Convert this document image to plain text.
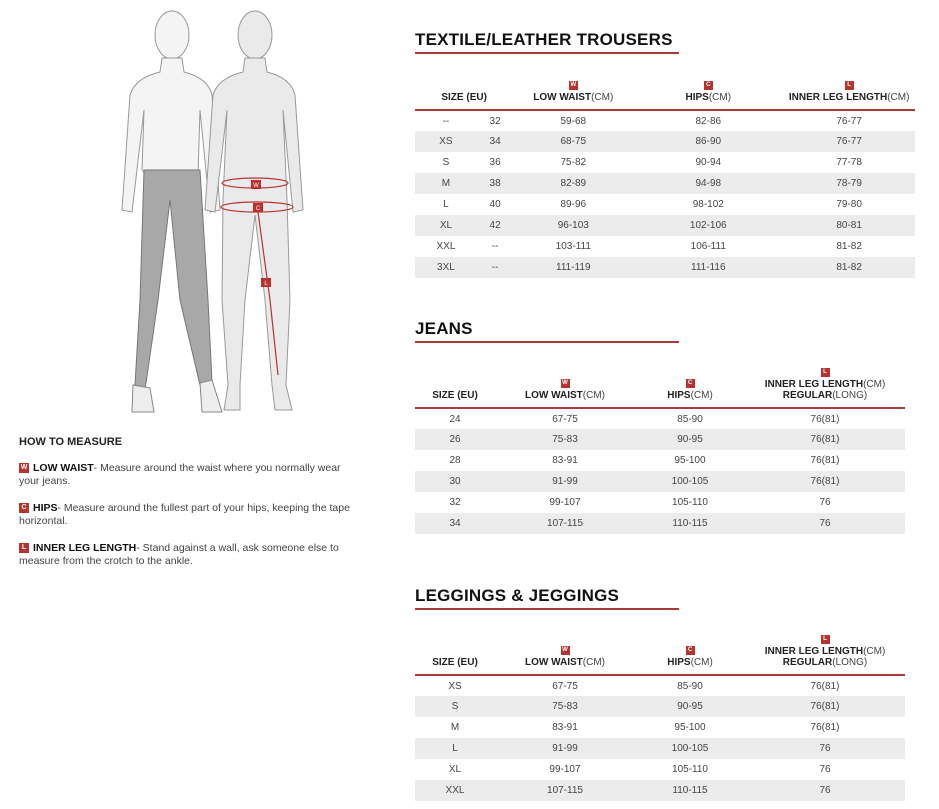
W
C
L
HOW TO MEASURE
W LOW WAIST- Measure around the waist where you normally wear your jeans.
C HIPS- Measure around the fullest part of your hips, keeping the tape horizontal.
L INNER LEG LENGTH- Stand against a wall, ask someone else to measure from the crotch to the ankle.
TEXTILE/LEATHER TROUSERS
SIZE (EU)		W
LOW WAIST(CM)	C
HIPS(CM)	L
INNER LEG LENGTH(CM)
--	32	59-68	82-86	76-77
XS	34	68-75	86-90	76-77
S	36	75-82	90-94	77-78
M	38	82-89	94-98	78-79
L	40	89-96	98-102	79-80
XL	42	96-103	102-106	80-81
XXL	--	103-111	106-111	81-82
3XL	--	111-119	111-116	81-82
JEANS
SIZE (EU)	W
LOW WAIST(CM)	C
HIPS(CM)	L
INNER LEG LENGTH(CM)
REGULAR(LONG)
24	67-75	85-90	76(81)
26	75-83	90-95	76(81)
28	83-91	95-100	76(81)
30	91-99	100-105	76(81)
32	99-107	105-110	76
34	107-115	110-115	76
LEGGINGS & JEGGINGS
SIZE (EU)	W
LOW WAIST(CM)	C
HIPS(CM)	L
INNER LEG LENGTH(CM)
REGULAR(LONG)
XS	67-75	85-90	76(81)
S	75-83	90-95	76(81)
M	83-91	95-100	76(81)
L	91-99	100-105	76
XL	99-107	105-110	76
XXL	107-115	110-115	76
